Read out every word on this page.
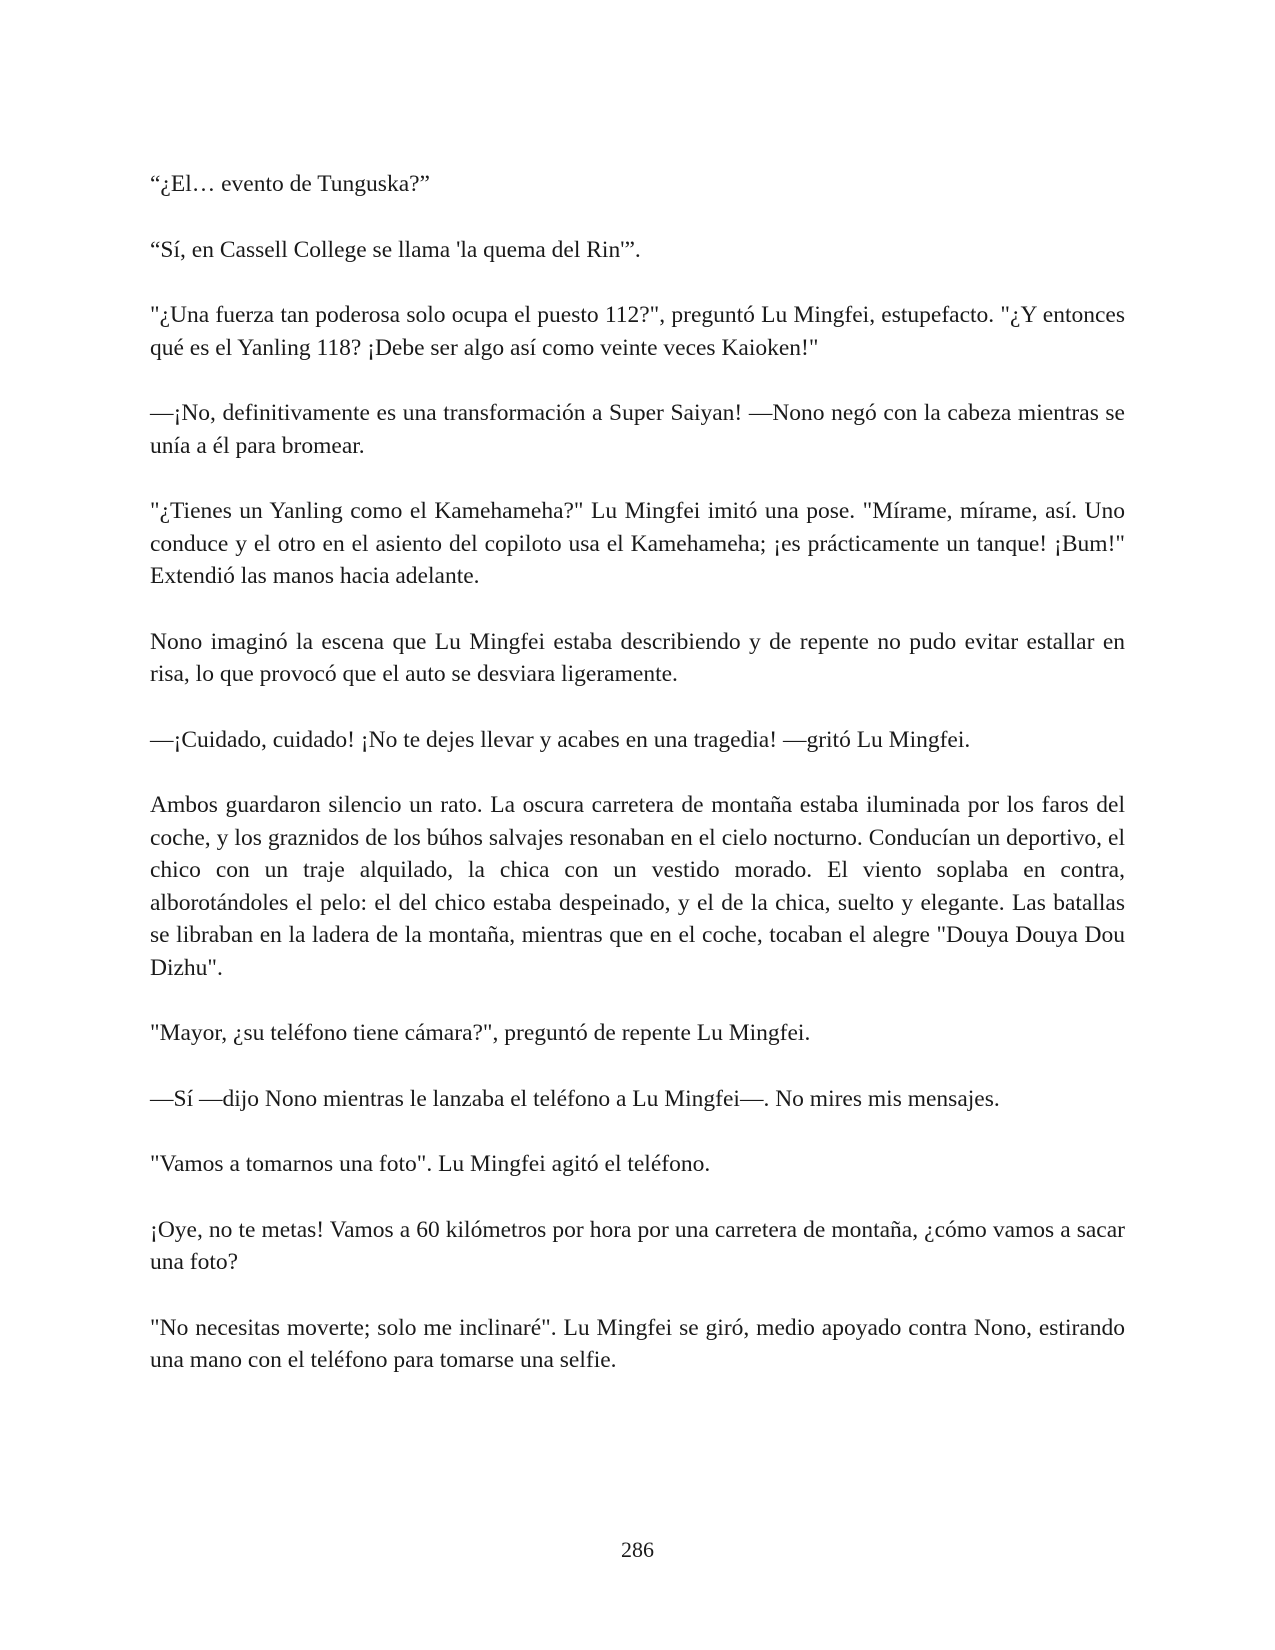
“¿El… evento de Tunguska?”

“Sí, en Cassell College se llama 'la quema del Rin'”.

"¿Una fuerza tan poderosa solo ocupa el puesto 112?", preguntó Lu Mingfei, estupefacto. "¿Y entonces qué es el Yanling 118? ¡Debe ser algo así como veinte veces Kaioken!"

—¡No, definitivamente es una transformación a Super Saiyan! —Nono negó con la cabeza mientras se unía a él para bromear.

"¿Tienes un Yanling como el Kamehameha?" Lu Mingfei imitó una pose. "Mírame, mírame, así. Uno conduce y el otro en el asiento del copiloto usa el Kamehameha; ¡es prácticamente un tanque! ¡Bum!" Extendió las manos hacia adelante.

Nono imaginó la escena que Lu Mingfei estaba describiendo y de repente no pudo evitar estallar en risa, lo que provocó que el auto se desviara ligeramente.

—¡Cuidado, cuidado! ¡No te dejes llevar y acabes en una tragedia! —gritó Lu Mingfei.

Ambos guardaron silencio un rato. La oscura carretera de montaña estaba iluminada por los faros del coche, y los graznidos de los búhos salvajes resonaban en el cielo nocturno. Conducían un deportivo, el chico con un traje alquilado, la chica con un vestido morado. El viento soplaba en contra, alborotándoles el pelo: el del chico estaba despeinado, y el de la chica, suelto y elegante. Las batallas se libraban en la ladera de la montaña, mientras que en el coche, tocaban el alegre "Douya Douya Dou Dizhu".

"Mayor, ¿su teléfono tiene cámara?", preguntó de repente Lu Mingfei.

—Sí —dijo Nono mientras le lanzaba el teléfono a Lu Mingfei—. No mires mis mensajes.

"Vamos a tomarnos una foto". Lu Mingfei agitó el teléfono.

¡Oye, no te metas! Vamos a 60 kilómetros por hora por una carretera de montaña, ¿cómo vamos a sacar una foto?

"No necesitas moverte; solo me inclinaré". Lu Mingfei se giró, medio apoyado contra Nono, estirando una mano con el teléfono para tomarse una selfie.

286
